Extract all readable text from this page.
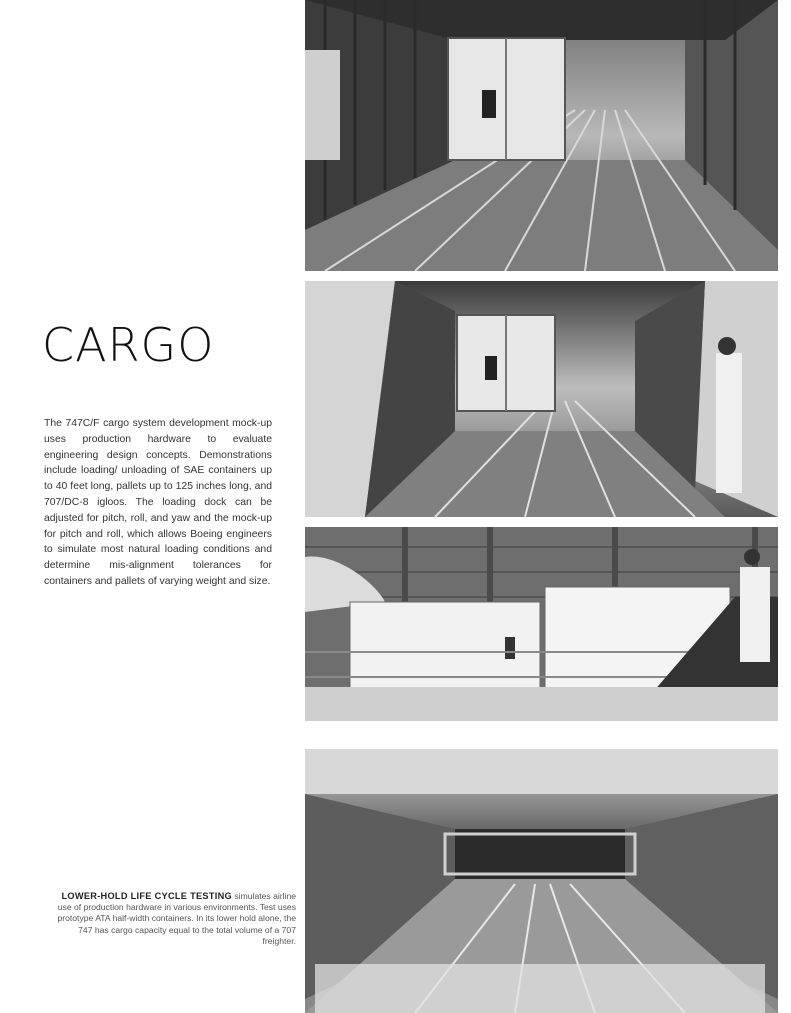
CARGO
The 747C/F cargo system development mock-up uses production hardware to evaluate engineering design concepts. Demonstrations include loading/ unloading of SAE containers up to 40 feet long, pallets up to 125 inches long, and 707/DC-8 igloos. The loading dock can be adjusted for pitch, roll, and yaw and the mock-up for pitch and roll, which allows Boeing engineers to simulate most natural loading conditions and determine mis-alignment tolerances for containers and pallets of varying weight and size.
LOWER-HOLD LIFE CYCLE TESTING simulates airline use of production hardware in various environments. Test uses prototype ATA half-width containers. In its lower hold alone, the 747 has cargo capacity equal to the total volume of a 707 freighter.
